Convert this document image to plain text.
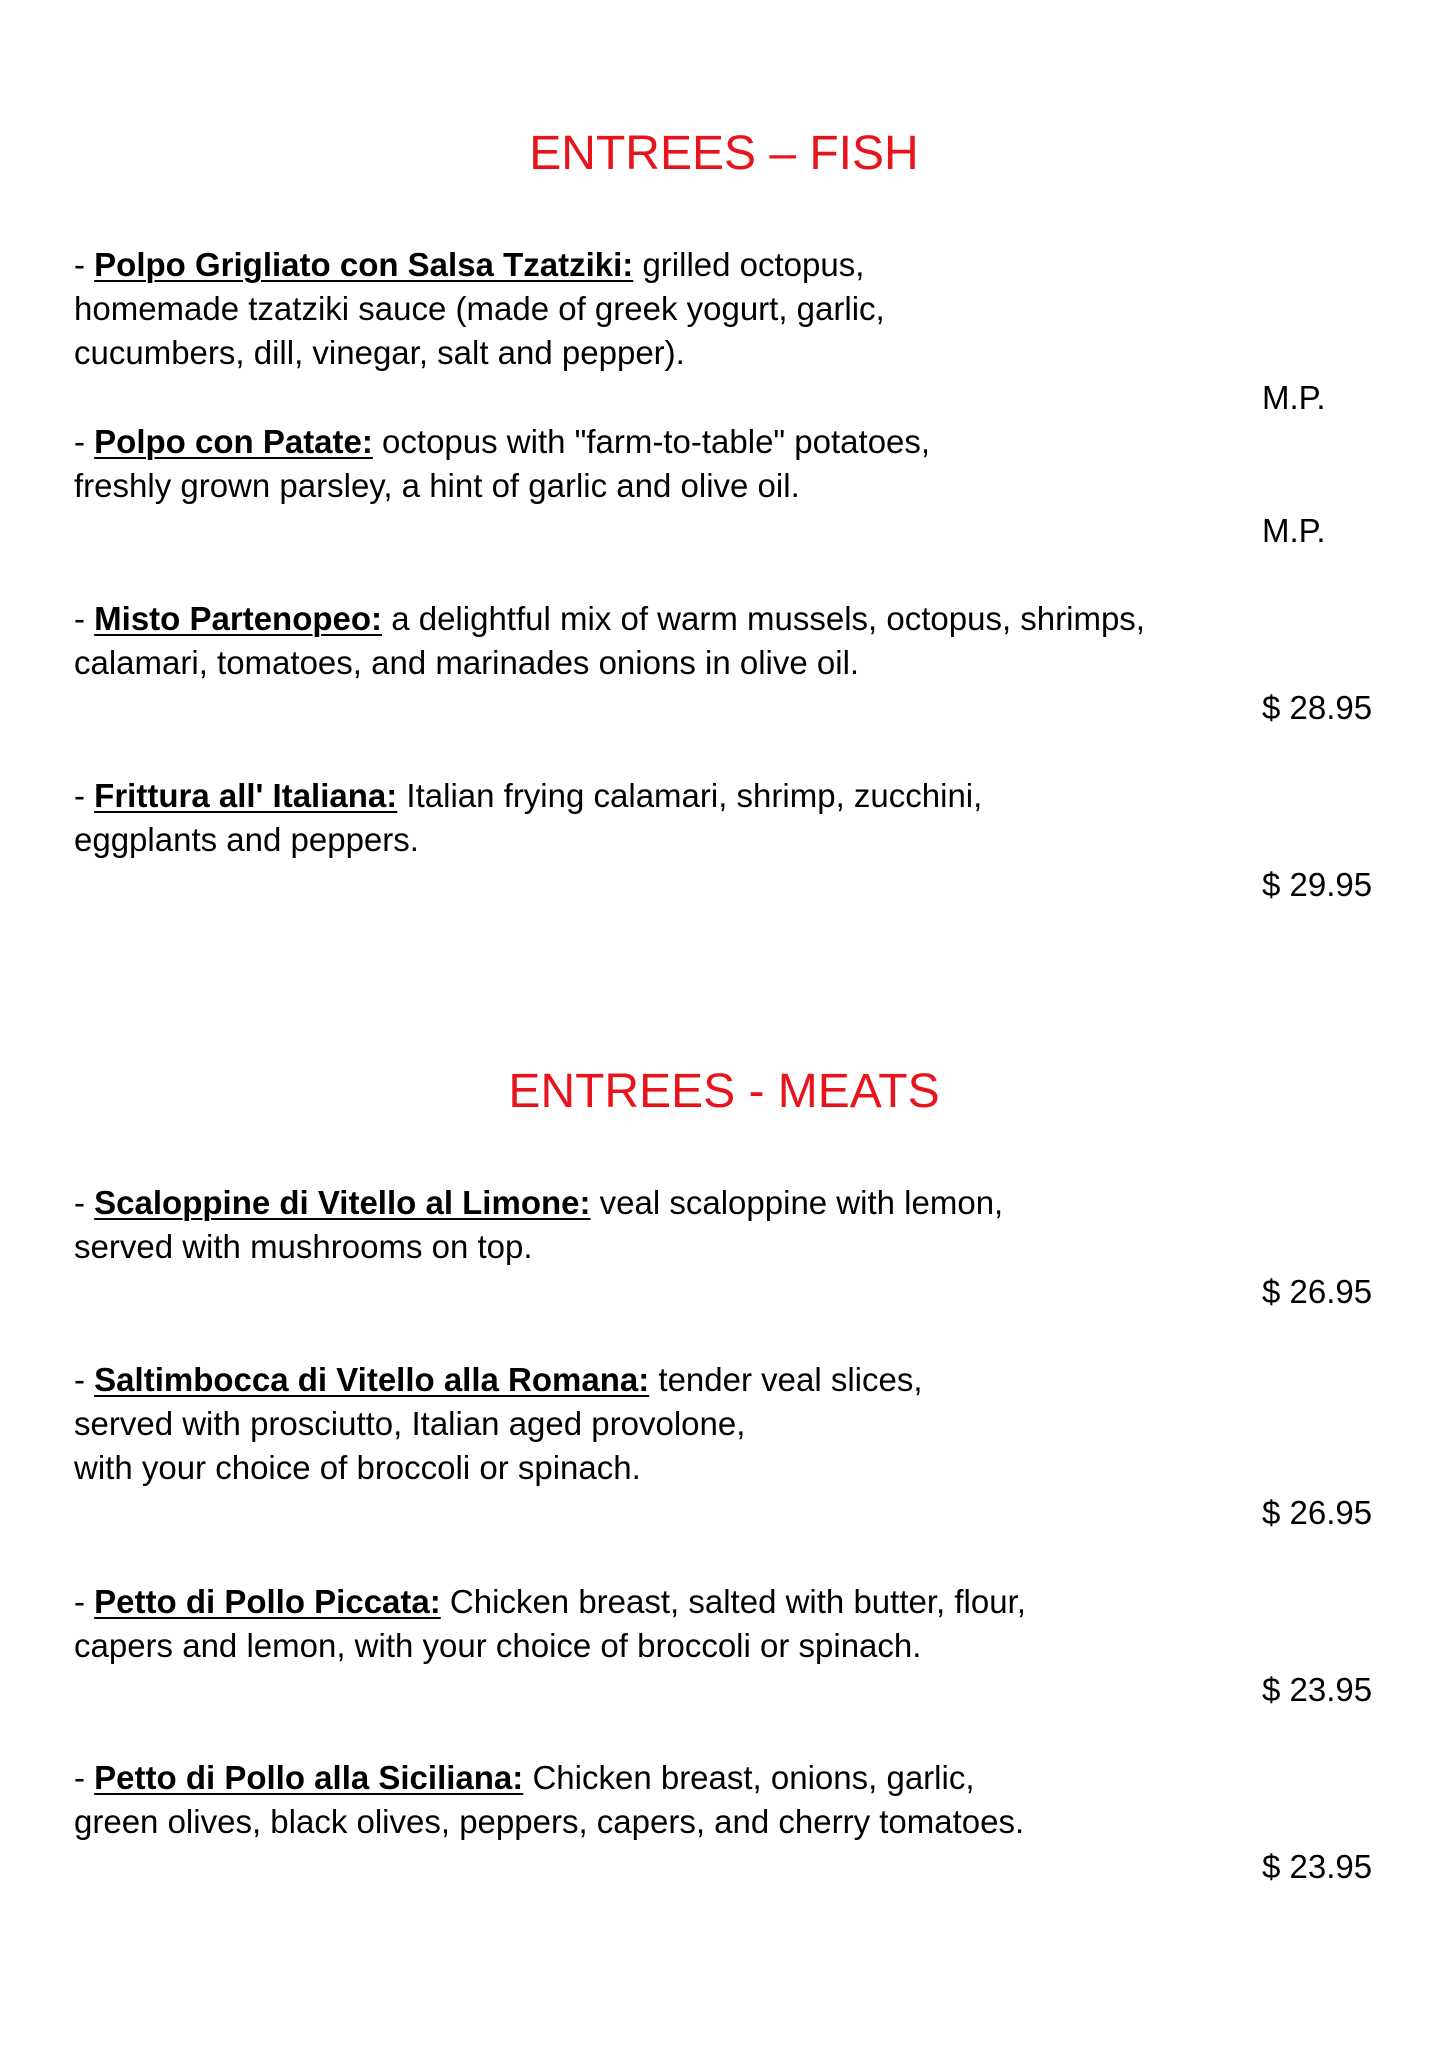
ENTREES – FISH
- Polpo Grigliato con Salsa Tzatziki: grilled octopus,
homemade tzatziki sauce (made of greek yogurt, garlic,
cucumbers, dill, vinegar, salt and pepper).
M.P.
- Polpo con Patate: octopus with "farm-to-table" potatoes,
freshly grown parsley, a hint of garlic and olive oil.
M.P.
- Misto Partenopeo: a delightful mix of warm mussels, octopus, shrimps,
calamari, tomatoes, and marinades onions in olive oil.
$ 28.95
- Frittura all' Italiana: Italian frying calamari, shrimp, zucchini,
eggplants and peppers.
$ 29.95
ENTREES - MEATS
- Scaloppine di Vitello al Limone: veal scaloppine with lemon,
served with mushrooms on top.
$ 26.95
- Saltimbocca di Vitello alla Romana: tender veal slices,
served with prosciutto, Italian aged provolone,
with your choice of broccoli or spinach.
$ 26.95
- Petto di Pollo Piccata: Chicken breast, salted with butter, flour,
capers and lemon, with your choice of broccoli or spinach.
$ 23.95
- Petto di Pollo alla Siciliana: Chicken breast, onions, garlic,
green olives, black olives, peppers, capers, and cherry tomatoes.
$ 23.95
